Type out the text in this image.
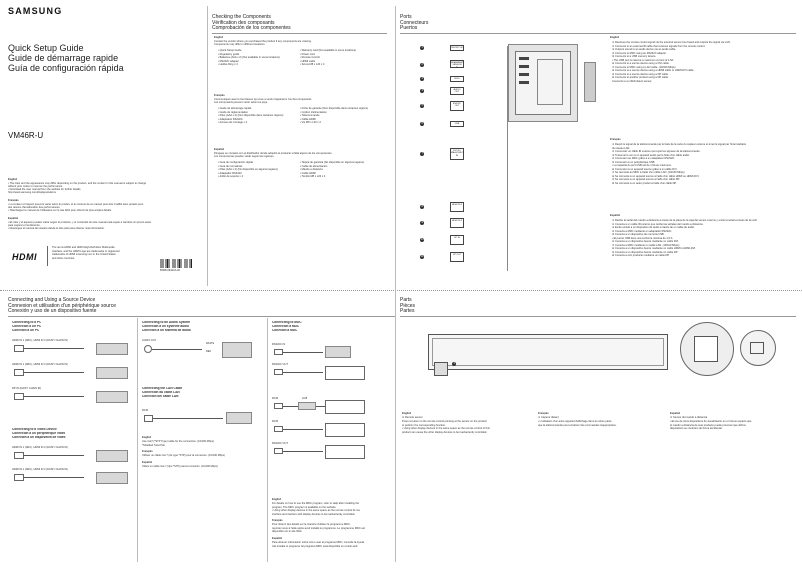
SAMSUNG
Quick Setup Guide
Guide de démarrage rapide
Guía de configuración rápida
VM46R-U
English
• The color and the appearance may differ depending on the product, and the content in this manual is subject to change
without prior notice to improve the performance.
• Download the user manual from the website for further details.
http://www.samsung.com/displaysolutions
Français
• La couleur et l'aspect peuvent varier selon le produit, et le contenu de ce manuel peut être modifié sans préavis pour
des raisons d'amélioration des performances.
• Téléchargez le manuel de l'utilisateur sur le site Web pour obtenir de plus amples détails.
Español
• El color y el aspecto pueden variar según el producto, y el contenido de este manual está sujeto a cambios sin previo aviso
para mejorar el rendimiento.
• Descargue el manual del usuario desde el sitio web para obtener más información.
HDMI
The terms HDMI and HDMI High-Definition Multimedia
Interface, and the HDMI Logo are trademarks or registered
trademarks of HDMI Licensing LLC in the United States
and other countries.
BN68-09422A-00
Checking the Components
Vérification des composants
Comprobación de los componentes
English
Contact the vendor where you purchased the product if any components are missing.
Components may differ in different locations.
• Quick Setup Guide
• Regulatory guide
• Batteries (AAA x 2) (Not available in some locations)
• RS232C adapter
• Holder-Ring x 4
• Warranty card (Not available in some locations)
• Power cord
• Remote Control
• HDMI cable
• Screw M8 x L20 x 4
Français
Communiquez avec le fournisseur qui vous a vendu l'appareil si l'un des composants
Les composants peuvent varier selon les pays.
• Guide de démarrage rapide
• Guide de réglementation
• Piles (AAA x 2) (Non disponible dans certaines régions)
• Adaptateur RS232C
• Anneau de montage x 4
• Fiche de garantie (Non disponible dans certaines régions)
• Cordon d'alimentation
• Télécommande
• Câble HDMI
• Vis M8 x L20 x 4
Español
Póngase en contacto con el distribuidor donde adquirió el producto si falta alguno de los componentes.
Los componentes pueden variar según las regiones.
• Guía de configuración rápida
• Guía de normativas
• Pilas (AAA x 2) (No disponible en algunos lugares)
• Adaptador RS232C
• Anillo de soporte x 4
• Tarjeta de garantía (No disponible en algunos lugares)
• Cable de alimentación
• Mando a distancia
• Cable HDMI
• Tornillo M8 x L20 x 4
Ports
Connecteurs
Puertos
1	RS232C IN
2
IR/AMBIENT SENSOR IN
3	RJ45
4	AUDIO OUT
5
RS232C OUT
6	USB
7
DVI IN / MAGICINFO IN
8
HDMI IN 1
9
HDMI IN 2
10
DP IN
11
DP OUT
English
① Receives the remote control signal via the external sensor box board and outputs the signal via LAN.
② Connects to an external IR cable that receives signals from the remote control.
③ Outputs sound to an audio device via an audio cable.
④ Connects to MDC using an RS232C adapter.
⑤ Connects to a USB memory device.
• The USB port is rated at a maximum current of 1.5A.
⑥ Connects to a source device using a DVI cable.
⑦ Connects to MDC using a LAN cable. (10/100 Mbps)
⑧ Connects to a source device using a HDMI cable or HDMI-DVI cable.
⑨ Connects to a source device using a DP cable.
⑩ Connects to another product using a DP cable.
Connects to an IR/Ambient sensor.
Français
① Reçoit le signal de la télécommande par le biais de la carte du capteur externe et émet le signal par l'intermédiaire
du réseau LAN.
② Connectez un câble IR externe qui reçoit les signaux de la télécommande.
③ Transmet le son à un appareil audio par le biais d'un câble audio.
④ Connexion au MDC grâce à un adaptateur RS232C.
⑤ Connexion à un périphérique USB.
• La capacité du port USB est de 1,5A au maximum.
⑥ Connexion à un appareil source grâce à un câble DVI.
⑦ Se raccorde au MDC à l'aide d'un câble LAN. (10/100 Mbps)
⑧ Se connecte à un appareil source à l'aide d'un câble HDMI ou HDMI-DVI.
⑨ Se connecte à un appareil source à l'aide d'un câble DP.
⑩ Se connecte à un autre produit à l'aide d'un câble DP.
Español
① Recibe la señal del mando a distancia a través de la placa de la caja del sensor externo y emite la señal a través de la LAN.
② Conecta a un cable IR externo que recibe las señales del mando a distancia.
③ Emite sonido a un dispositivo de audio a través de un cable de audio.
④ Conecta a MDC mediante un adaptador RS232C.
⑤ Conecta a un dispositivo de memoria USB.
• El puerto USB tiene una corriente máxima de 1,5 A.
⑥ Conecta a un dispositivo fuente mediante un cable DVI.
⑦ Conecta a MDC mediante un cable LAN. (10/100 Mbps)
⑧ Conecta a un dispositivo fuente mediante un cable HDMI o HDMI-DVI.
⑨ Conecta a un dispositivo fuente mediante un cable DP.
⑩ Conecta a otro producto mediante un cable DP.
Connecting and Using a Source Device
Connexion et utilisation d'un périphérique source
Conexión y uso de un dispositivo fuente
Connecting to a PC
Connexion à un PC
Conexión a un PC
HDMI IN 1 (ARC), HDMI IN 2 (DAISY CHAIN IN)
HDMI IN 1 (ARC), HDMI IN 2 (DAISY CHAIN IN)
DP IN (DAISY CHAIN IN)
Connecting to a Video Device
Connexion à un périphérique vidéo
Conexión a un dispositivo de vídeo
HDMI IN 1 (ARC), HDMI IN 2 (DAISY CHAIN IN)
HDMI IN 1 (ARC), HDMI IN 2 (DAISY CHAIN IN)
Connecting to an Audio System
Connexion à un système audio
Conexión a un sistema de audio
AUDIO OUT
WHITE
RED
Connecting the LAN Cable
Connexion du câble LAN
Conexión del cable LAN
RJ45
English
Use Cat7 (*STP Type) cable for the connection. (10/100 Mbps)
*Shielded Twist Pair
Français
Utilisez un câble Cat 7 (de type *STP) pour la connexion. (10/100 Mbps)
Español
Utilice un cable Cat 7 (tipo *STP) para la conexión. (10/100 Mbps)
Connecting to MDC
Connexion à MDC
Conexión a MDC
RS232C IN
RS232C OUT
RJ45	HUB
RJ45
RS232C OUT
English
For details on how to use the MDC program, refer to Help after installing the
program. The MDC program is available on the website.
• Using other display devices in the same space as the remote control kit ma
interfere and interfere with display devices to be inadvertently controlled.
Français
Pour obtenir des détails sur la manière d'utiliser le programme MDC,
reportez-vous à l'aide après avoir installé le programme. Le programme MDC est
disponible sur le site Web.
Español
Para obtener información sobre cómo usar el programa MDC, consulte la Ayuda
tras instalar el programa. El programa MDC está disponible en el sitio web.
Parts
Pièces
Partes
1
English
① Remote sensor
Press a button on the remote control pointing at the sensor on the product
to perform the corresponding function.
• Using other display devices in the same space as the remote control of this
product can cause the other display devices to be inadvertently controlled.
Français
① Capteur distant
• L'utilisation d'un autre appareil d'affichage dans la même pièce
que la télécommande peut entraîner des commandes inappropriées.
Español
① Sensor del mando a distancia
• El uso de otros dispositivos de visualización en el mismo espacio que
el mando a distancia de este producto puede provocar que dichos
dispositivos se controlen de forma accidental.
